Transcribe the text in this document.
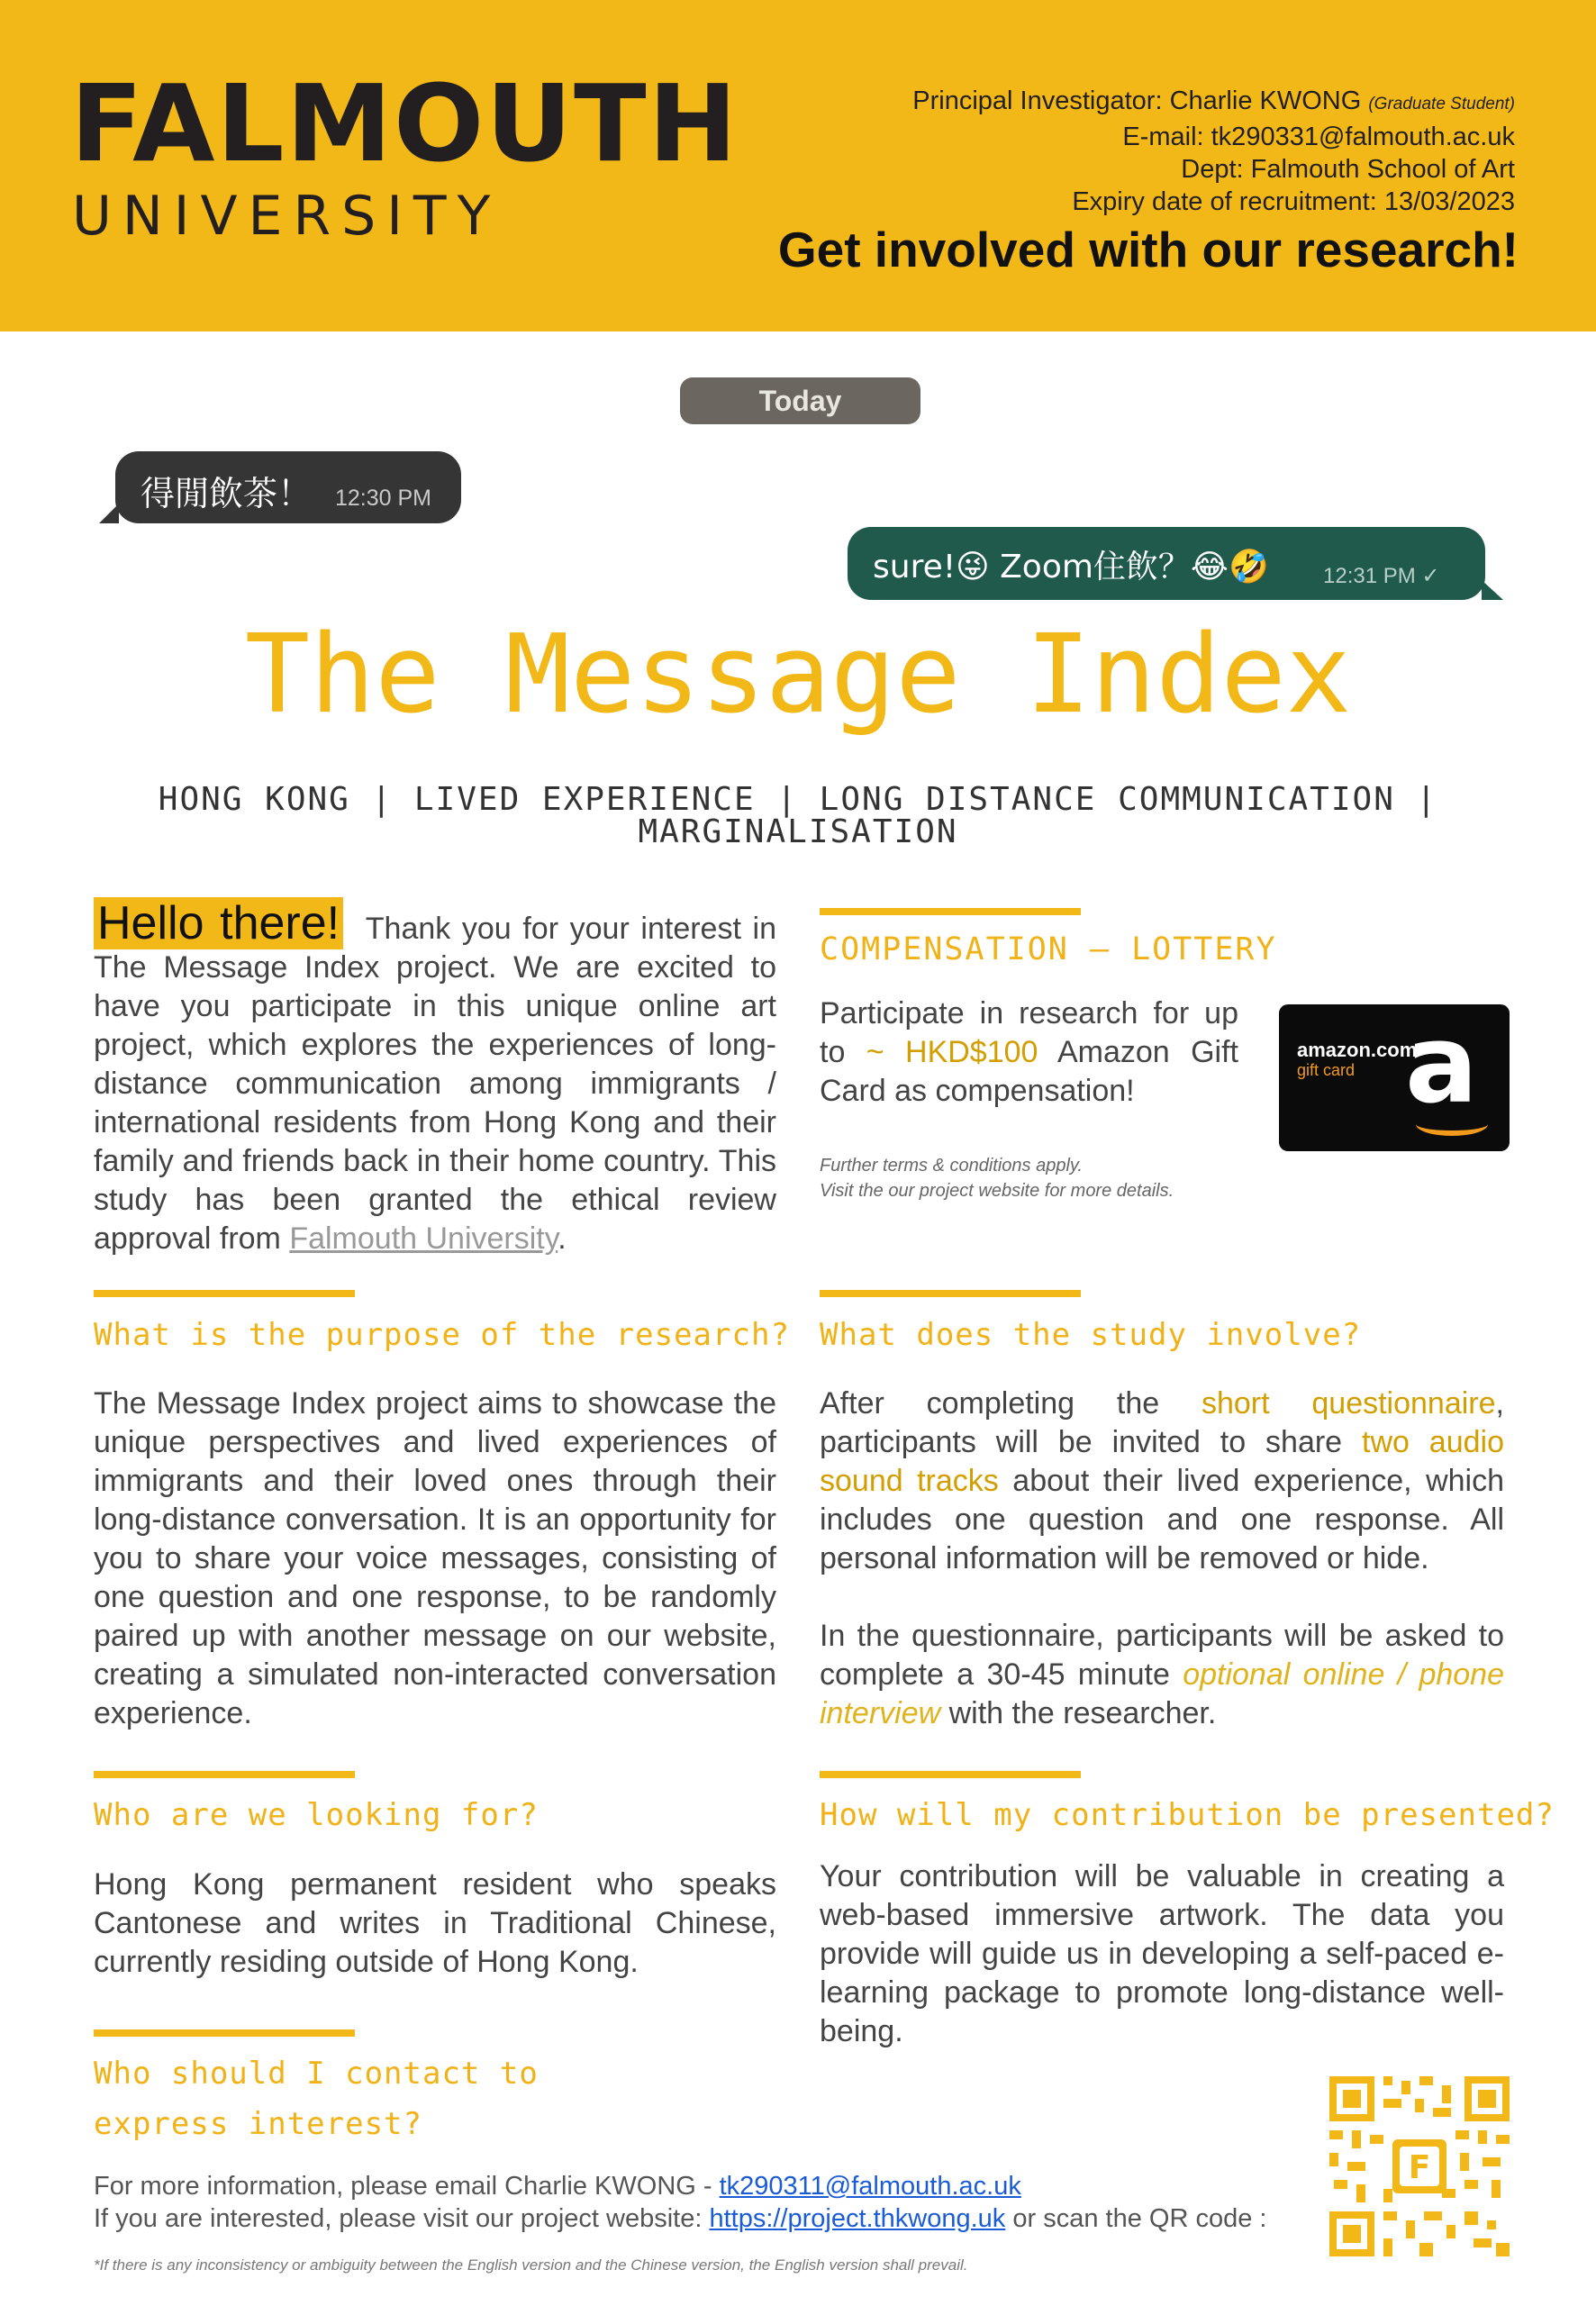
FALMOUTH
UNIVERSITY
Principal Investigator: Charlie KWONG (Graduate Student)
E-mail: tk290331@falmouth.ac.uk
Dept: Falmouth School of Art
Expiry date of recruitment: 13/03/2023
Get involved with our research!
Today
得閒飲茶！ 12:30 PM
sure!😜 Zoom住飲？😂🤣	12:31 PM ✓
The Message Index
HONG KONG | LIVED EXPERIENCE | LONG DISTANCE COMMUNICATION | MARGINALISATION
Hello there! Thank you for your interest in The Message Index project. We are excited to have you participate in this unique online art project, which explores the experiences of long-distance communication among immigrants / international residents from Hong Kong and their family and friends back in their home country. This study has been granted the ethical review approval from Falmouth University.
COMPENSATION – LOTTERY
Participate in research for up to ~ HKD$100 Amazon Gift Card as compensation!
amazon.com
gift card a
Further terms & conditions apply.
Visit the our project website for more details.
What is the purpose of the research?
The Message Index project aims to showcase the unique perspectives and lived experiences of immigrants and their loved ones through their long-distance conversation. It is an opportunity for you to share your voice messages, consisting of one question and one response, to be randomly paired up with another message on our website, creating a simulated non-interacted conversation experience.
What does the study involve?
After completing the short questionnaire, participants will be invited to share two audio sound tracks about their lived experience, which includes one question and one response. All personal information will be removed or hide.
In the questionnaire, participants will be asked to complete a 30-45 minute optional online / phone interview with the researcher.
Who are we looking for?
Hong Kong permanent resident who speaks Cantonese and writes in Traditional Chinese, currently residing outside of Hong Kong.
How will my contribution be presented?
Your contribution will be valuable in creating a web-based immersive artwork. The data you provide will guide us in developing a self-paced e-learning package to promote long-distance well-being.
Who should I contact to
express interest?
For more information, please email Charlie KWONG - tk290311@falmouth.ac.uk
If you are interested, please visit our project website: https://project.thkwong.uk or scan the QR code :
*If there is any inconsistency or ambiguity between the English version and the Chinese version, the English version shall prevail.
F
